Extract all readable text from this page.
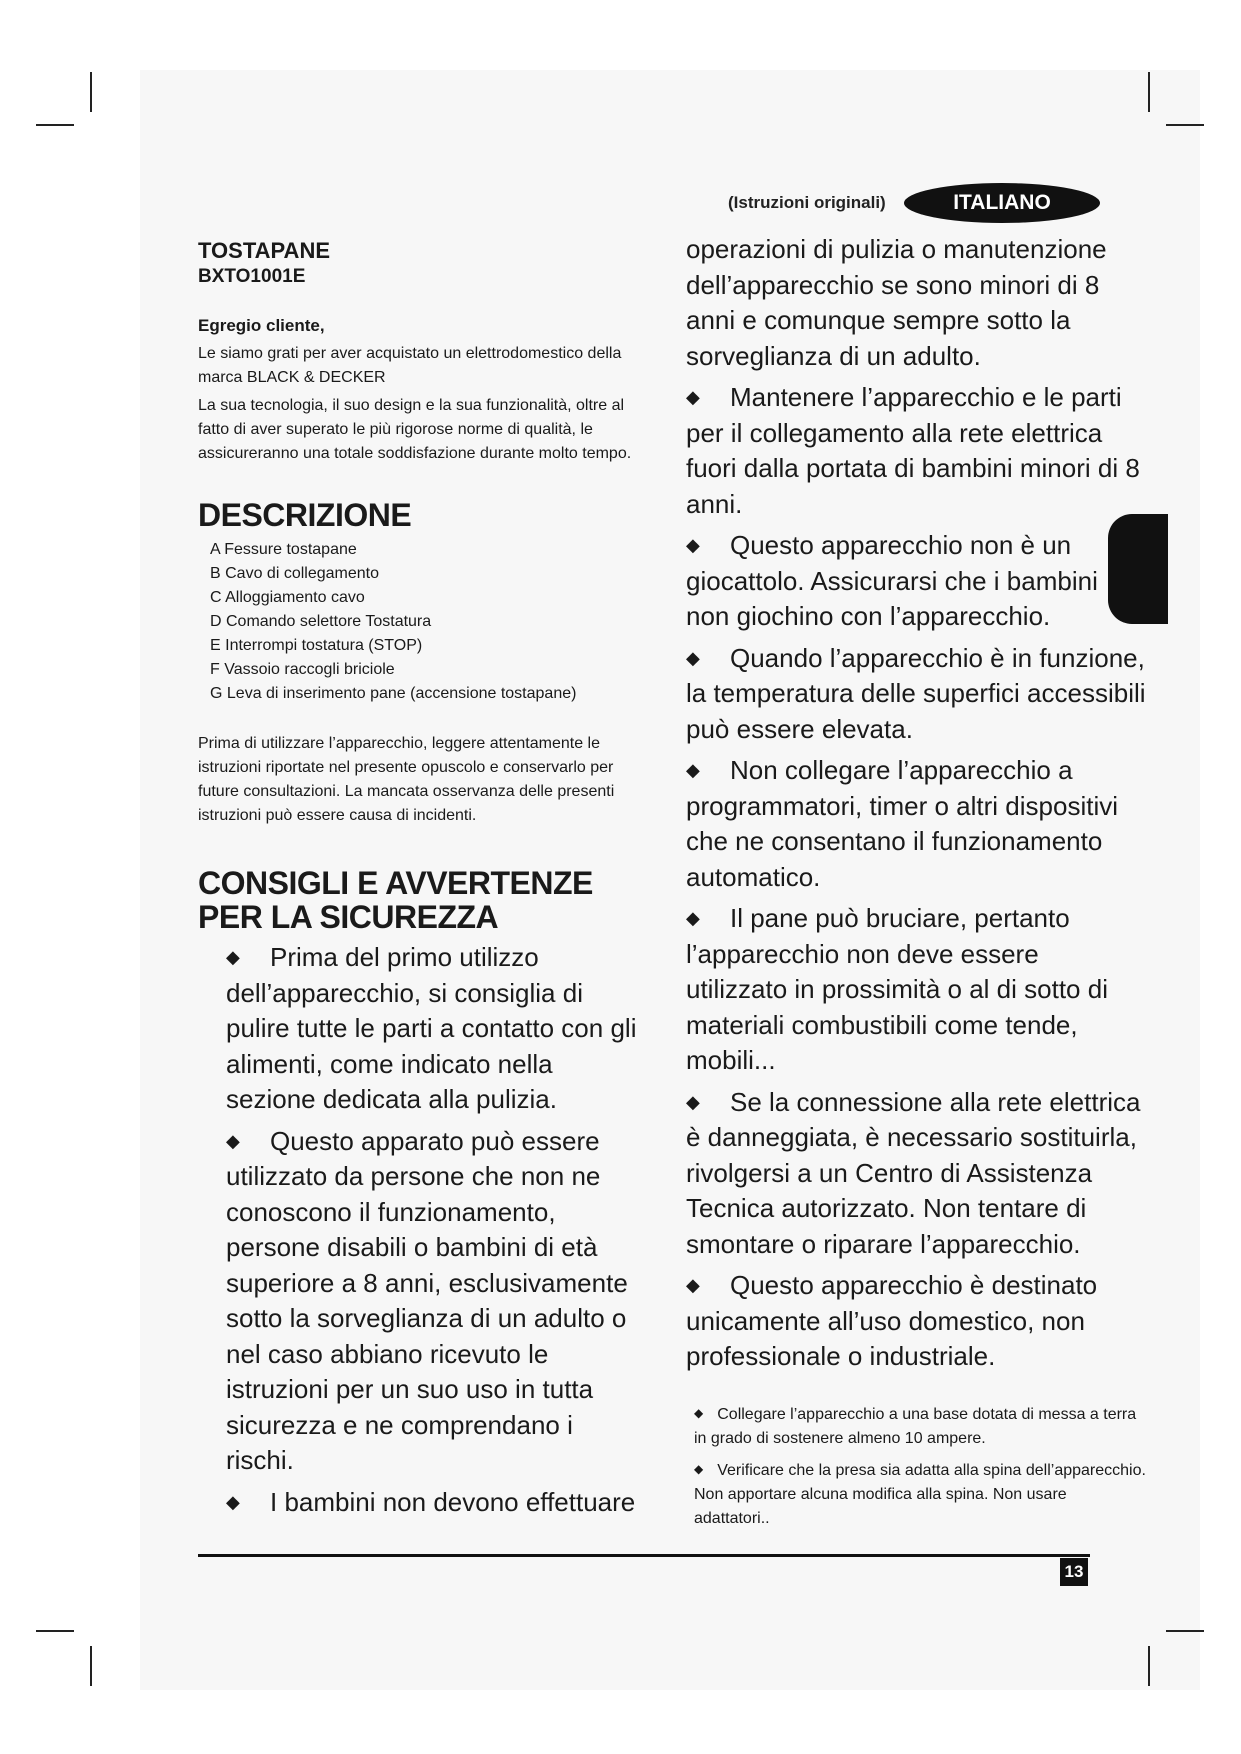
(Istruzioni originali)	ITALIANO
TOSTAPANE
BXTO1001E
Egregio cliente,

Le siamo grati per aver acquistato un elettrodomestico della marca BLACK & DECKER

La sua tecnologia, il suo design e la sua funzionalità, oltre al fatto di aver superato le più rigorose norme di qualità, le assicureranno una totale soddisfazione durante molto tempo.

DESCRIZIONE
A Fessure tostapane
B Cavo di collegamento
C Alloggiamento cavo
D Comando selettore Tostatura
E Interrompi tostatura (STOP)
F Vassoio raccogli briciole
G Leva di inserimento pane (accensione tostapane)

Prima di utilizzare l’apparecchio, leggere attentamente le istruzioni riportate nel presente opuscolo e conservarlo per future consultazioni. La mancata osservanza delle presenti istruzioni può essere causa di incidenti.

CONSIGLI E AVVERTENZE
PER LA SICUREZZA

◆ Prima del primo utilizzo dell’apparecchio, si consiglia di pulire tutte le parti a contatto con gli alimenti, come indicato nella sezione dedicata alla pulizia.

◆ Questo apparato può essere utilizzato da persone che non ne conoscono il funzionamento, persone disabili o bambini di età superiore a 8 anni, esclusivamente sotto la sorveglianza di un adulto o nel caso abbiano ricevuto le istruzioni per un suo uso in tutta sicurezza e ne comprendano i rischi.

◆ I bambini non devono effettuare

operazioni di pulizia o manutenzione dell’apparecchio se sono minori di 8 anni e comunque sempre sotto la sorveglianza di un adulto.

◆ Mantenere l’apparecchio e le parti per il collegamento alla rete elettrica fuori dalla portata di bambini minori di 8 anni.

◆ Questo apparecchio non è un giocattolo. Assicurarsi che i bambini non giochino con l’apparecchio.

◆ Quando l’apparecchio è in funzione, la temperatura delle superfici accessibili può essere elevata.

◆ Non collegare l’apparecchio a programmatori, timer o altri dispositivi che ne consentano il funzionamento automatico.

◆ Il pane può bruciare, pertanto l’apparecchio non deve essere utilizzato in prossimità o al di sotto di materiali combustibili come tende, mobili...

◆ Se la connessione alla rete elettrica è danneggiata, è necessario sostituirla, rivolgersi a un Centro di Assistenza Tecnica autorizzato. Non tentare di smontare o riparare l’apparecchio.

◆ Questo apparecchio è destinato unicamente all’uso domestico, non professionale o industriale.

◆ Collegare l’apparecchio a una base dotata di messa a terra in grado di sostenere almeno 10 ampere.

◆ Verificare che la presa sia adatta alla spina dell’apparecchio. Non apportare alcuna modifica alla spina. Non usare adattatori..

13
